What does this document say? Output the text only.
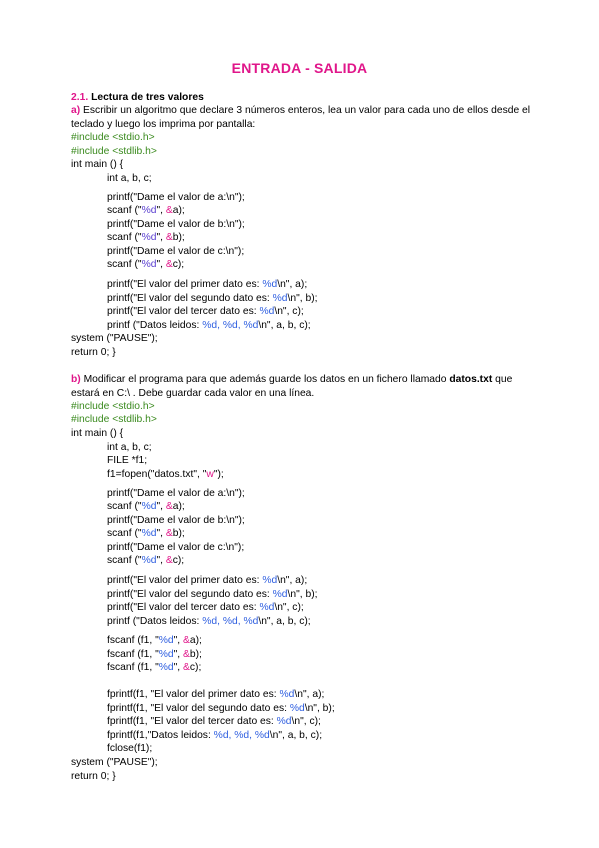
ENTRADA - SALIDA
2.1. Lectura de tres valores
a) Escribir un algoritmo que declare 3 números enteros, lea un valor para cada uno de ellos desde el
teclado y luego los imprima por pantalla:
#include <stdio.h>
#include <stdlib.h>
int main () {
int a, b, c;
printf("Dame el valor de a:\n");
scanf ("%d", &a);
printf("Dame el valor de b:\n");
scanf ("%d", &b);
printf("Dame el valor de c:\n");
scanf ("%d", &c);
printf("El valor del primer dato es: %d\n", a);
printf("El valor del segundo dato es: %d\n", b);
printf("El valor del tercer dato es: %d\n", c);
printf ("Datos leidos: %d, %d, %d\n", a, b, c);
system ("PAUSE");
return 0; }
b) Modificar el programa para que además guarde los datos en un fichero llamado datos.txt que
estará en C:\ . Debe guardar cada valor en una línea.
#include <stdio.h>
#include <stdlib.h>
int main () {
int a, b, c;
FILE *f1;
f1=fopen("datos.txt", "w");
printf("Dame el valor de a:\n");
scanf ("%d", &a);
printf("Dame el valor de b:\n");
scanf ("%d", &b);
printf("Dame el valor de c:\n");
scanf ("%d", &c);
printf("El valor del primer dato es: %d\n", a);
printf("El valor del segundo dato es: %d\n", b);
printf("El valor del tercer dato es: %d\n", c);
printf ("Datos leidos: %d, %d, %d\n", a, b, c);
fscanf (f1, "%d", &a);
fscanf (f1, "%d", &b);
fscanf (f1, "%d", &c);
fprintf(f1, "El valor del primer dato es: %d\n", a);
fprintf(f1, "El valor del segundo dato es: %d\n", b);
fprintf(f1, "El valor del tercer dato es: %d\n", c);
fprintf(f1,"Datos leidos: %d, %d, %d\n", a, b, c);
fclose(f1);
system ("PAUSE");
return 0; }
